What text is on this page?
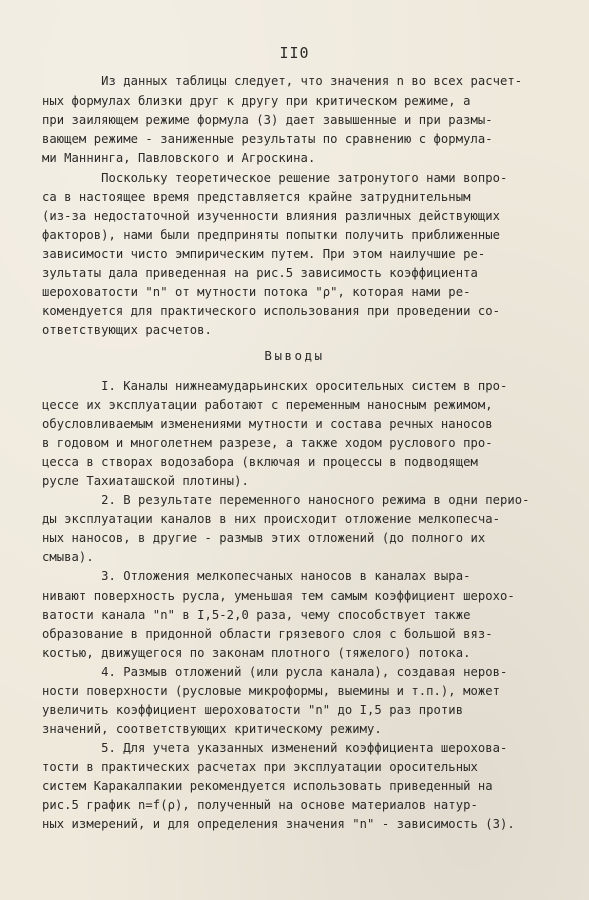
II0
Из данных таблицы следует, что значения n во всех расчет-
ных формулах близки друг к другу при критическом режиме, а
при заиляющем режиме формула (3) дает завышенные и при размы-
вающем режиме - заниженные результаты по сравнению с формула-
ми Маннинга, Павловского и Агроскина.
Поскольку теоретическое решение затронутого нами вопро-
са в настоящее время представляется крайне затруднительным
(из-за недостаточной изученности влияния различных действующих
факторов), нами были предприняты попытки получить приближенные
зависимости чисто эмпирическим путем. При этом наилучшие ре-
зультаты дала приведенная на рис.5 зависимость коэффициента
шероховатости "n" от мутности потока "ρ", которая нами ре-
комендуется для практического использования при проведении со-
ответствующих расчетов.
Выводы
I. Каналы нижнеамударьинских оросительных систем в про-
цессе их эксплуатации работают с переменным наносным режимом,
обусловливаемым изменениями мутности и состава речных наносов
в годовом и многолетнем разрезе, а также ходом руслового про-
цесса в створах водозабора (включая и процессы в подводящем
русле Тахиаташской плотины).
2. В результате переменного наносного режима в одни перио-
ды эксплуатации каналов в них происходит отложение мелкопесча-
ных наносов, в другие - размыв этих отложений (до полного их
смыва).
3. Отложения мелкопесчаных наносов в каналах выра-
нивают поверхность русла, уменьшая тем самым коэффициент шерохо-
ватости канала "n" в I,5-2,0 раза, чему способствует также
образование в придонной области грязевого слоя с большой вяз-
костью, движущегося по законам плотного (тяжелого) потока.
4. Размыв отложений (или русла канала), создавая неров-
ности поверхности (русловые микроформы, выемины и т.п.), может
увеличить коэффициент шероховатости "n" до I,5 раз против
значений, соответствующих критическому режиму.
5. Для учета указанных изменений коэффициента шерохова-
тости в практических расчетах при эксплуатации оросительных
систем Каракалпакии рекомендуется использовать приведенный на
рис.5 график n=f(ρ), полученный на основе материалов натур-
ных измерений, и для определения значения "n" - зависимость (3).
